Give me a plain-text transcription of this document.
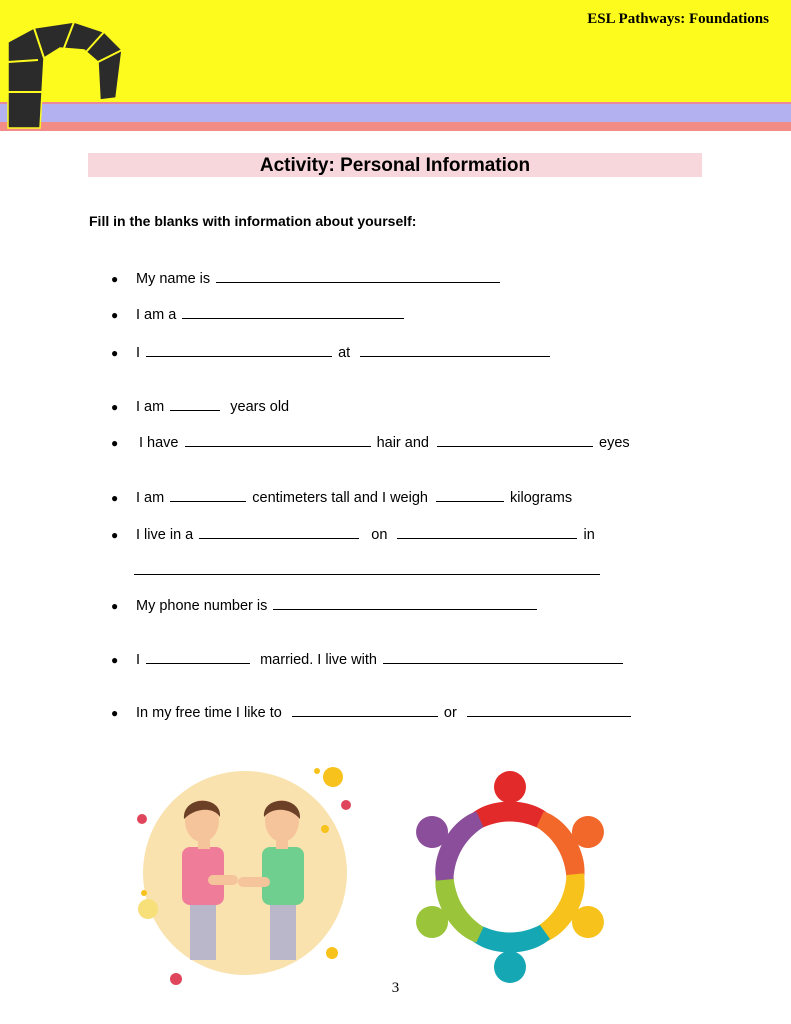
ESL Pathways: Foundations
Activity: Personal Information
Fill in the blanks with information about yourself:
● My name is
● I am a
● I	at
● I am	years old
● I have	hair and	eyes
● I am	centimeters tall and I weigh	kilograms
● I live in a	on	in
● My phone number is
● I	married. I live with
● In my free time I like to	or
3
